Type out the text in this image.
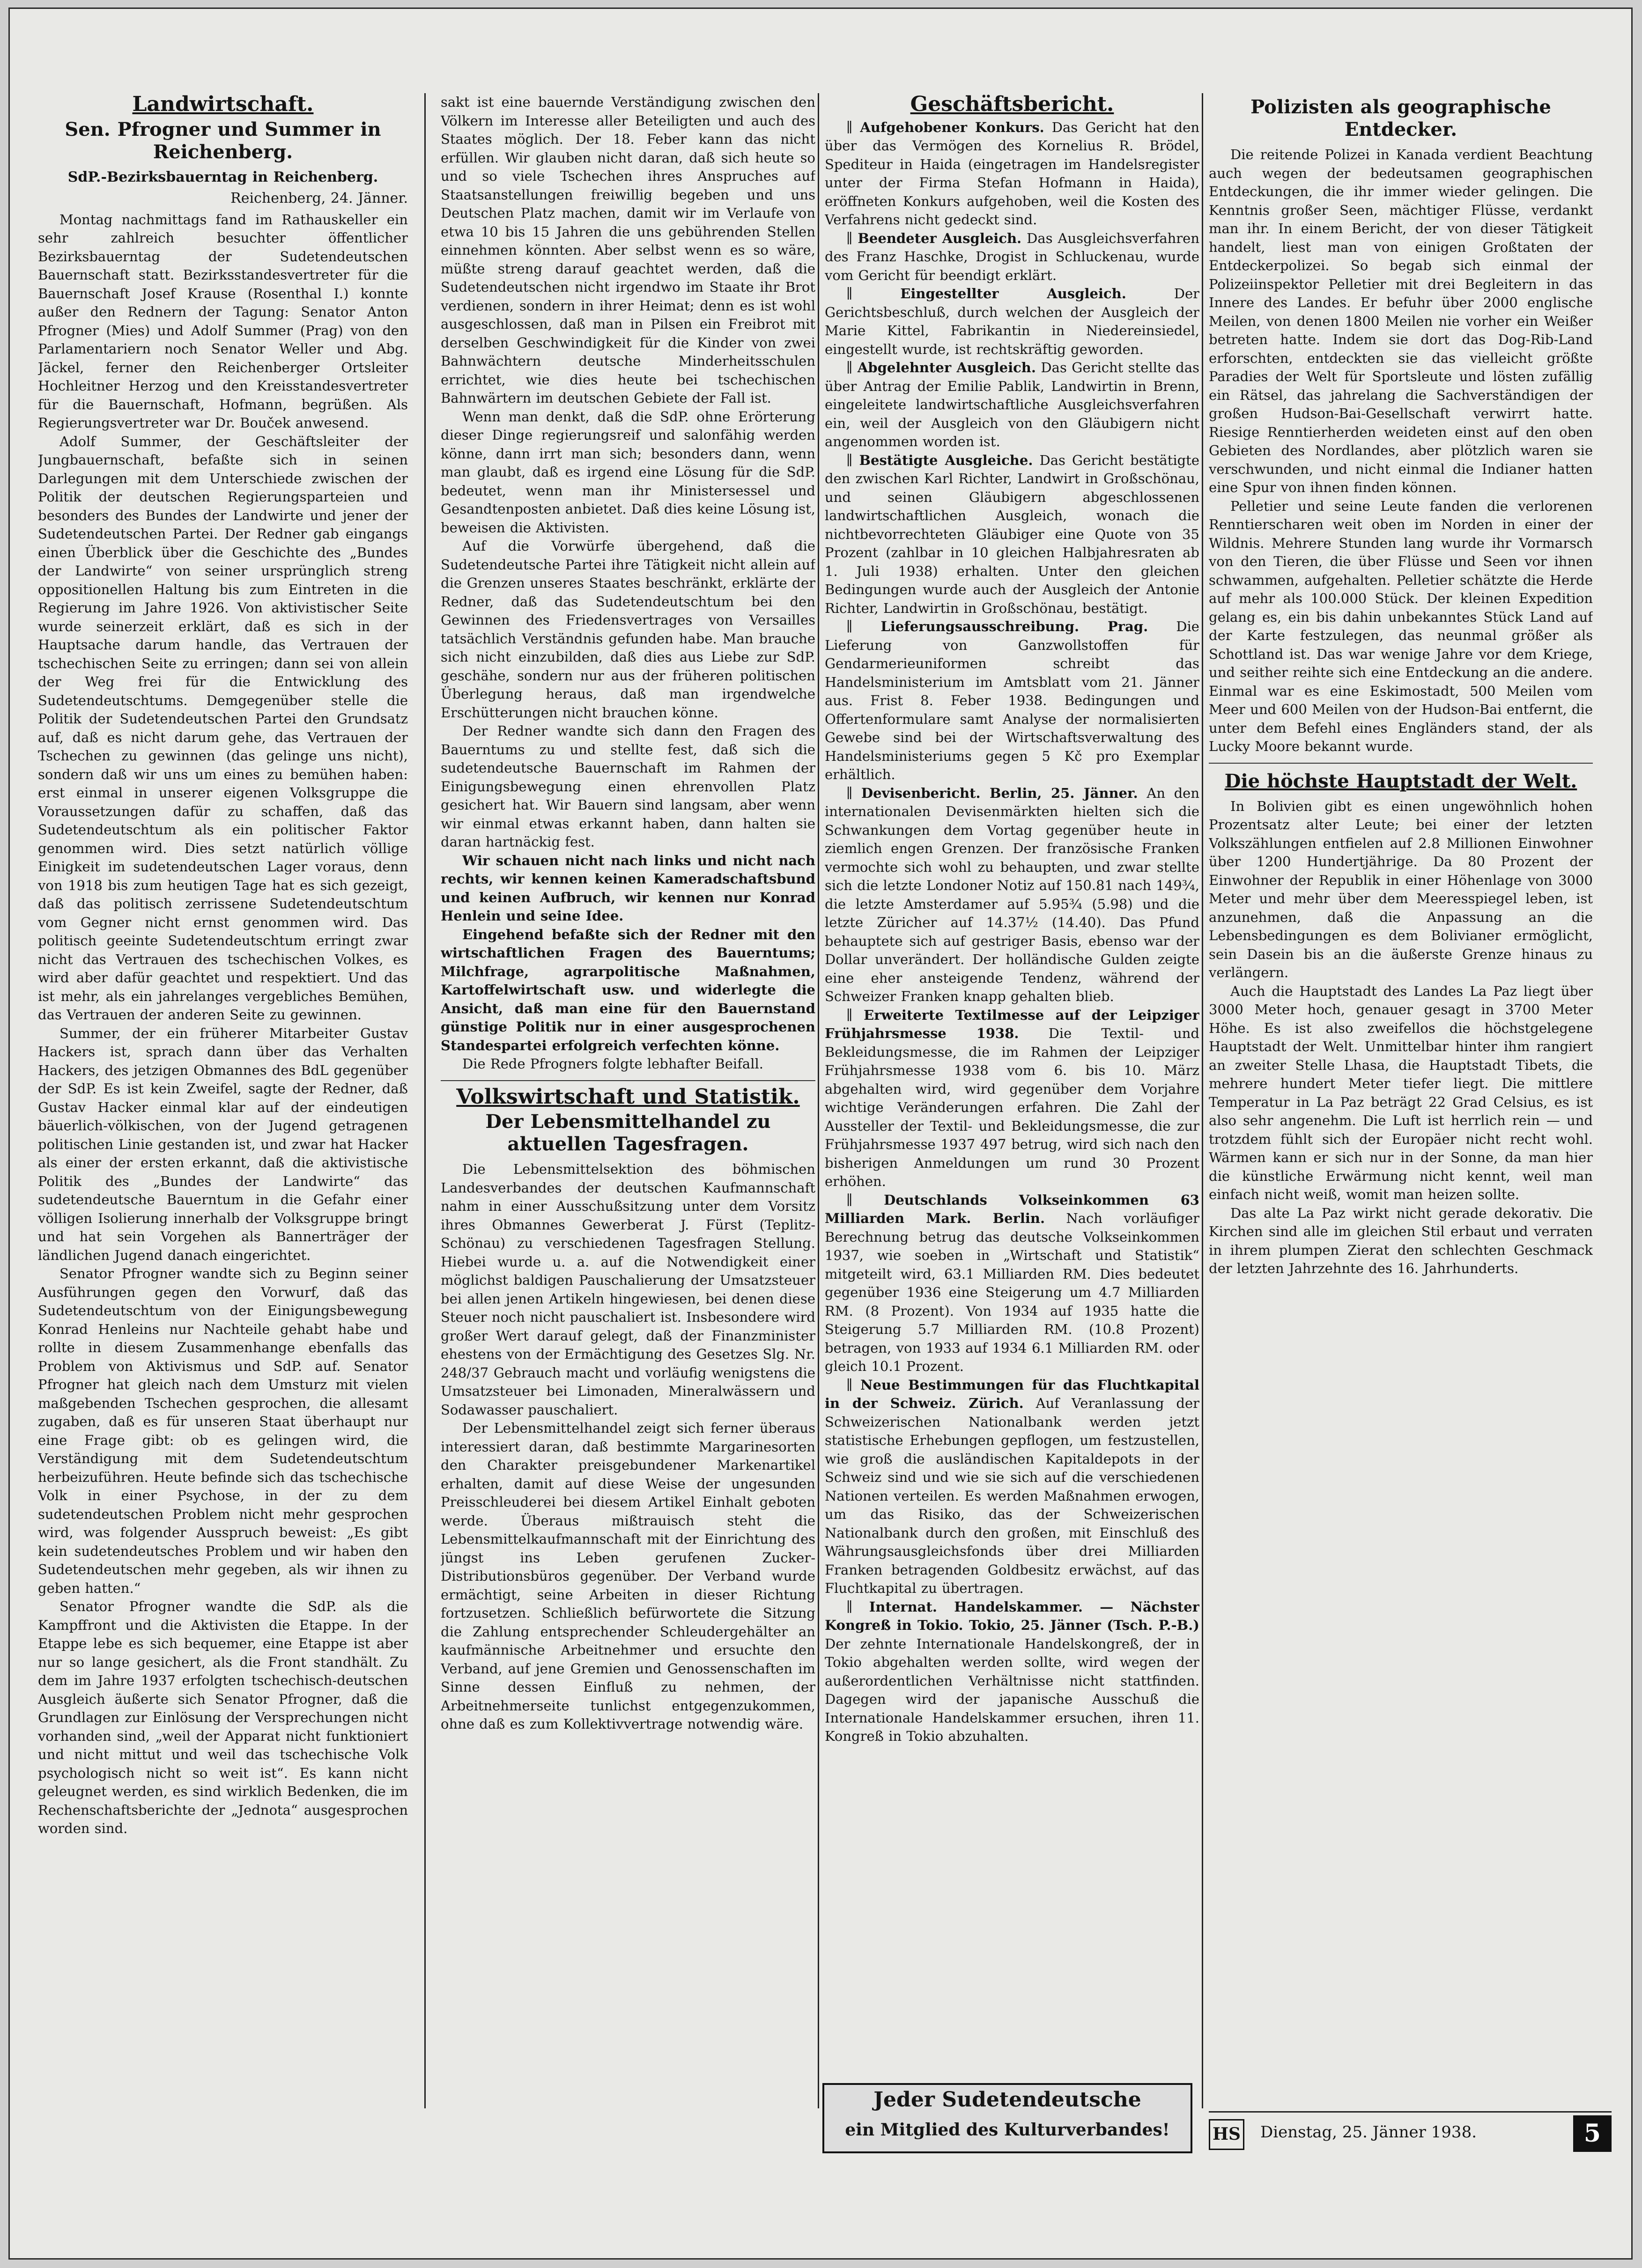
Landwirtschaft.
Sen. Pfrogner und Summer in Reichenberg.
SdP.-Bezirksbauerntag in Reichenberg.
Reichenberg, 24. Jänner.

Montag nachmittags fand im Rathauskeller ein sehr zahlreich besuchter öffentlicher Bezirksbauerntag der Sudetendeutschen Bauernschaft statt. Bezirksstandesvertreter für die Bauernschaft Josef Krause (Rosenthal I.) konnte außer den Rednern der Tagung: Senator Anton Pfrogner (Mies) und Adolf Summer (Prag) von den Parlamentariern noch Senator Weller und Abg. Jäckel, ferner den Reichenberger Ortsleiter Hochleitner Herzog und den Kreisstandesvertreter für die Bauernschaft, Hofmann, begrüßen. Als Regierungsvertreter war Dr. Bouček anwesend.

Adolf Summer, der Geschäftsleiter der Jungbauernschaft, befaßte sich in seinen Darlegungen mit dem Unterschiede zwischen der Politik der deutschen Regierungsparteien und besonders des Bundes der Landwirte und jener der Sudetendeutschen Partei. Der Redner gab eingangs einen Überblick über die Geschichte des „Bundes der Landwirte“ von seiner ursprünglich streng oppositionellen Haltung bis zum Eintreten in die Regierung im Jahre 1926. Von aktivistischer Seite wurde seinerzeit erklärt, daß es sich in der Hauptsache darum handle, das Vertrauen der tschechischen Seite zu erringen; dann sei von allein der Weg frei für die Entwicklung des Sudetendeutschtums. Demgegenüber stelle die Politik der Sudetendeutschen Partei den Grundsatz auf, daß es nicht darum gehe, das Vertrauen der Tschechen zu gewinnen (das gelinge uns nicht), sondern daß wir uns um eines zu bemühen haben: erst einmal in unserer eigenen Volksgruppe die Voraussetzungen dafür zu schaffen, daß das Sudetendeutschtum als ein politischer Faktor genommen wird. Dies setzt natürlich völlige Einigkeit im sudetendeutschen Lager voraus, denn von 1918 bis zum heutigen Tage hat es sich gezeigt, daß das politisch zerrissene Sudetendeutschtum vom Gegner nicht ernst genommen wird. Das politisch geeinte Sudetendeutschtum erringt zwar nicht das Vertrauen des tschechischen Volkes, es wird aber dafür geachtet und respektiert. Und das ist mehr, als ein jahrelanges vergebliches Bemühen, das Vertrauen der anderen Seite zu gewinnen.

Summer, der ein früherer Mitarbeiter Gustav Hackers ist, sprach dann über das Verhalten Hackers, des jetzigen Obmannes des BdL gegenüber der SdP. Es ist kein Zweifel, sagte der Redner, daß Gustav Hacker einmal klar auf der eindeutigen bäuerlich-völkischen, von der Jugend getragenen politischen Linie gestanden ist, und zwar hat Hacker als einer der ersten erkannt, daß die aktivistische Politik des „Bundes der Landwirte“ das sudetendeutsche Bauerntum in die Gefahr einer völligen Isolierung innerhalb der Volksgruppe bringt und hat sein Vorgehen als Bannerträger der ländlichen Jugend danach eingerichtet.

Senator Pfrogner wandte sich zu Beginn seiner Ausführungen gegen den Vorwurf, daß das Sudetendeutschtum von der Einigungsbewegung Konrad Henleins nur Nachteile gehabt habe und rollte in diesem Zusammenhange ebenfalls das Problem von Aktivismus und SdP. auf. Senator Pfrogner hat gleich nach dem Umsturz mit vielen maßgebenden Tschechen gesprochen, die allesamt zugaben, daß es für unseren Staat überhaupt nur eine Frage gibt: ob es gelingen wird, die Verständigung mit dem Sudetendeutschtum herbeizuführen. Heute befinde sich das tschechische Volk in einer Psychose, in der zu dem sudetendeutschen Problem nicht mehr gesprochen wird, was folgender Ausspruch beweist: „Es gibt kein sudetendeutsches Problem und wir haben den Sudetendeutschen mehr gegeben, als wir ihnen zu geben hatten.“

Senator Pfrogner wandte die SdP. als die Kampffront und die Aktivisten die Etappe. In der Etappe lebe es sich bequemer, eine Etappe ist aber nur so lange gesichert, als die Front standhält. Zu dem im Jahre 1937 erfolgten tschechisch-deutschen Ausgleich äußerte sich Senator Pfrogner, daß die Grundlagen zur Einlösung der Versprechungen nicht vorhanden sind, „weil der Apparat nicht funktioniert und nicht mittut und weil das tschechische Volk psychologisch nicht so weit ist“. Es kann nicht geleugnet werden, es sind wirklich Bedenken, die im Rechenschaftsberichte der „Jednota“ ausgesprochen worden sind.

sakt ist eine bauernde Verständigung zwischen den Völkern im Interesse aller Beteiligten und auch des Staates möglich. Der 18. Feber kann das nicht erfüllen. Wir glauben nicht daran, daß sich heute so und so viele Tschechen ihres Anspruches auf Staatsanstellungen freiwillig begeben und uns Deutschen Platz machen, damit wir im Verlaufe von etwa 10 bis 15 Jahren die uns gebührenden Stellen einnehmen könnten. Aber selbst wenn es so wäre, müßte streng darauf geachtet werden, daß die Sudetendeutschen nicht irgendwo im Staate ihr Brot verdienen, sondern in ihrer Heimat; denn es ist wohl ausgeschlossen, daß man in Pilsen ein Freibrot mit derselben Geschwindigkeit für die Kinder von zwei Bahnwächtern deutsche Minderheitsschulen errichtet, wie dies heute bei tschechischen Bahnwärtern im deutschen Gebiete der Fall ist.

Wenn man denkt, daß die SdP. ohne Erörterung dieser Dinge regierungsreif und salonfähig werden könne, dann irrt man sich; besonders dann, wenn man glaubt, daß es irgend eine Lösung für die SdP. bedeutet, wenn man ihr Ministersessel und Gesandtenposten anbietet. Daß dies keine Lösung ist, beweisen die Aktivisten.

Auf die Vorwürfe übergehend, daß die Sudetendeutsche Partei ihre Tätigkeit nicht allein auf die Grenzen unseres Staates beschränkt, erklärte der Redner, daß das Sudetendeutschtum bei den Gewinnen des Friedensvertrages von Versailles tatsächlich Verständnis gefunden habe. Man brauche sich nicht einzubilden, daß dies aus Liebe zur SdP. geschähe, sondern nur aus der früheren politischen Überlegung heraus, daß man irgendwelche Erschütterungen nicht brauchen könne.

Der Redner wandte sich dann den Fragen des Bauerntums zu und stellte fest, daß sich die sudetendeutsche Bauernschaft im Rahmen der Einigungsbewegung einen ehrenvollen Platz gesichert hat. Wir Bauern sind langsam, aber wenn wir einmal etwas erkannt haben, dann halten sie daran hartnäckig fest.

Wir schauen nicht nach links und nicht nach rechts, wir kennen keinen Kameradschaftsbund und keinen Aufbruch, wir kennen nur Konrad Henlein und seine Idee.

Eingehend befaßte sich der Redner mit den wirtschaftlichen Fragen des Bauerntums; Milchfrage, agrarpolitische Maßnahmen, Kartoffelwirtschaft usw. und widerlegte die Ansicht, daß man eine für den Bauernstand günstige Politik nur in einer ausgesprochenen Standespartei erfolgreich verfechten könne.

Die Rede Pfrogners folgte lebhafter Beifall.

Volkswirtschaft und Statistik.
Der Lebensmittelhandel zu aktuellen Tagesfragen.

Die Lebensmittelsektion des böhmischen Landesverbandes der deutschen Kaufmannschaft nahm in einer Ausschußsitzung unter dem Vorsitz ihres Obmannes Gewerberat J. Fürst (Teplitz-Schönau) zu verschiedenen Tagesfragen Stellung. Hiebei wurde u. a. auf die Notwendigkeit einer möglichst baldigen Pauschalierung der Umsatzsteuer bei allen jenen Artikeln hingewiesen, bei denen diese Steuer noch nicht pauschaliert ist. Insbesondere wird großer Wert darauf gelegt, daß der Finanzminister ehestens von der Ermächtigung des Gesetzes Slg. Nr. 248/37 Gebrauch macht und vorläufig wenigstens die Umsatzsteuer bei Limonaden, Mineralwässern und Sodawasser pauschaliert.

Der Lebensmittelhandel zeigt sich ferner überaus interessiert daran, daß bestimmte Margarinesorten den Charakter preisgebundener Markenartikel erhalten, damit auf diese Weise der ungesunden Preisschleuderei bei diesem Artikel Einhalt geboten werde. Überaus mißtrauisch steht die Lebensmittelkaufmannschaft mit der Einrichtung des jüngst ins Leben gerufenen Zucker-Distributionsbüros gegenüber. Der Verband wurde ermächtigt, seine Arbeiten in dieser Richtung fortzusetzen. Schließlich befürwortete die Sitzung die Zahlung entsprechender Schleudergehälter an kaufmännische Arbeitnehmer und ersuchte den Verband, auf jene Gremien und Genossenschaften im Sinne dessen Einfluß zu nehmen, der Arbeitnehmerseite tunlichst entgegenzukommen, ohne daß es zum Kollektivvertrage notwendig wäre.

Geschäftsbericht.

∥ Aufgehobener Konkurs. Das Gericht hat den über das Vermögen des Kornelius R. Brödel, Spediteur in Haida (eingetragen im Handelsregister unter der Firma Stefan Hofmann in Haida), eröffneten Konkurs aufgehoben, weil die Kosten des Verfahrens nicht gedeckt sind.

∥ Beendeter Ausgleich. Das Ausgleichsverfahren des Franz Haschke, Drogist in Schluckenau, wurde vom Gericht für beendigt erklärt.

∥ Eingestellter Ausgleich.	Der Gerichtsbeschluß, durch welchen der Ausgleich der Marie Kittel, Fabrikantin in Niedereinsiedel, eingestellt wurde, ist rechtskräftig geworden.

∥ Abgelehnter Ausgleich. Das Gericht stellte das über Antrag der Emilie Pablik, Landwirtin in Brenn, eingeleitete landwirtschaftliche Ausgleichsverfahren ein, weil der Ausgleich von den Gläubigern nicht angenommen worden ist.

∥ Bestätigte Ausgleiche. Das Gericht bestätigte den zwischen Karl Richter, Landwirt in Großschönau, und seinen Gläubigern abgeschlossenen landwirtschaftlichen Ausgleich, wonach die nichtbevorrechteten Gläubiger eine Quote von 35 Prozent (zahlbar in 10 gleichen Halbjahresraten ab 1. Juli 1938) erhalten. Unter den gleichen Bedingungen wurde auch der Ausgleich der Antonie Richter, Landwirtin in Großschönau, bestätigt.

∥ Lieferungsausschreibung. Prag. Die Lieferung von Ganzwollstoffen für Gendarmerieuniformen schreibt das Handelsministerium im Amtsblatt vom 21. Jänner aus. Frist 8. Feber 1938. Bedingungen und Offertenformulare samt Analyse der normalisierten Gewebe sind bei der Wirtschaftsverwaltung des Handelsministeriums gegen 5 Kč pro Exemplar erhältlich.

∥ Devisenbericht. Berlin, 25. Jänner. An den internationalen Devisenmärkten hielten sich die Schwankungen dem Vortag gegenüber heute in ziemlich engen Grenzen. Der französische Franken vermochte sich wohl zu behaupten, und zwar stellte sich die letzte Londoner Notiz auf 150.81 nach 149¾, die letzte Amsterdamer auf 5.95¾ (5.98) und die letzte Züricher auf 14.37½ (14.40). Das Pfund behauptete sich auf gestriger Basis, ebenso war der Dollar unverändert. Der holländische Gulden zeigte eine eher ansteigende Tendenz, während der Schweizer Franken knapp gehalten blieb.

∥ Erweiterte Textilmesse auf der Leipziger Frühjahrsmesse 1938. Die Textil- und Bekleidungsmesse, die im Rahmen der Leipziger Frühjahrsmesse 1938 vom 6. bis 10. März abgehalten wird, wird gegenüber dem Vorjahre wichtige Veränderungen erfahren. Die Zahl der Aussteller der Textil- und Bekleidungsmesse, die zur Frühjahrsmesse 1937 497 betrug, wird sich nach den bisherigen Anmeldungen um rund 30 Prozent erhöhen.

∥ Deutschlands Volkseinkommen 63 Milliarden Mark. Berlin. Nach vorläufiger Berechnung betrug das deutsche Volkseinkommen 1937, wie soeben in „Wirtschaft und Statistik“ mitgeteilt wird, 63.1 Milliarden RM. Dies bedeutet gegenüber 1936 eine Steigerung um 4.7 Milliarden RM. (8 Prozent). Von 1934 auf 1935 hatte die Steigerung 5.7 Milliarden RM. (10.8 Prozent) betragen, von 1933 auf 1934 6.1 Milliarden RM. oder gleich 10.1 Prozent.

∥ Neue Bestimmungen für das Fluchtkapital in der Schweiz. Zürich. Auf Veranlassung der Schweizerischen Nationalbank werden jetzt statistische Erhebungen gepflogen, um festzustellen, wie groß die ausländischen Kapitaldepots in der Schweiz sind und wie sie sich auf die verschiedenen Nationen verteilen. Es werden Maßnahmen erwogen, um das Risiko, das der Schweizerischen Nationalbank durch den großen, mit Einschluß des Währungsausgleichsfonds über drei Milliarden Franken betragenden Goldbesitz erwächst, auf das Fluchtkapital zu übertragen.

∥ Internat. Handelskammer. — Nächster Kongreß in Tokio. Tokio, 25. Jänner (Tsch. P.-B.) Der zehnte Internationale Handelskongreß, der in Tokio abgehalten werden sollte, wird wegen der außerordentlichen Verhältnisse nicht stattfinden. Dagegen wird der japanische Ausschuß die Internationale Handelskammer ersuchen, ihren 11. Kongreß in Tokio abzuhalten.

Polizisten als geographische Entdecker.

Die reitende Polizei in Kanada verdient Beachtung auch wegen der bedeutsamen geographischen Entdeckungen, die ihr immer wieder gelingen. Die Kenntnis großer Seen, mächtiger Flüsse, verdankt man ihr. In einem Bericht, der von dieser Tätigkeit handelt, liest man von einigen Großtaten der Entdeckerpolizei. So begab sich einmal der Polizeiinspektor Pelletier mit drei Begleitern in das Innere des Landes. Er befuhr über 2000 englische Meilen, von denen 1800 Meilen nie vorher ein Weißer betreten hatte. Indem sie dort das Dog-Rib-Land erforschten, entdeckten sie das vielleicht größte Paradies der Welt für Sportsleute und lösten zufällig ein Rätsel, das jahrelang die Sachverständigen der großen Hudson-Bai-Gesellschaft verwirrt hatte. Riesige Renntierherden weideten einst auf den oben Gebieten des Nordlandes, aber plötzlich waren sie verschwunden, und nicht einmal die Indianer hatten eine Spur von ihnen finden können.

Pelletier und seine Leute fanden die verlorenen Renntierscharen weit oben im Norden in einer der Wildnis. Mehrere Stunden lang wurde ihr Vormarsch von den Tieren, die über Flüsse und Seen vor ihnen schwammen, aufgehalten. Pelletier schätzte die Herde auf mehr als 100.000 Stück. Der kleinen Expedition gelang es, ein bis dahin unbekanntes Stück Land auf der Karte festzulegen, das neunmal größer als Schottland ist. Das war wenige Jahre vor dem Kriege, und seither reihte sich eine Entdeckung an die andere. Einmal war es eine Eskimostadt, 500 Meilen vom Meer und 600 Meilen von der Hudson-Bai entfernt, die unter dem Befehl eines Engländers stand, der als Lucky Moore bekannt wurde.

Die höchste Hauptstadt der Welt.

In Bolivien gibt es einen ungewöhnlich hohen Prozentsatz alter Leute; bei einer der letzten Volkszählungen entfielen auf 2.8 Millionen Einwohner über 1200 Hundertjährige. Da 80 Prozent der Einwohner der Republik in einer Höhenlage von 3000 Meter und mehr über dem Meeresspiegel leben, ist anzunehmen, daß die Anpassung an die Lebensbedingungen es dem Bolivianer ermöglicht, sein Dasein bis an die äußerste Grenze hinaus zu verlängern.

Auch die Hauptstadt des Landes La Paz liegt über 3000 Meter hoch, genauer gesagt in 3700 Meter Höhe. Es ist also zweifellos die höchstgelegene Hauptstadt der Welt. Unmittelbar hinter ihm rangiert an zweiter Stelle Lhasa, die Hauptstadt Tibets, die mehrere hundert Meter tiefer liegt. Die mittlere Temperatur in La Paz beträgt 22 Grad Celsius, es ist also sehr angenehm. Die Luft ist herrlich rein — und trotzdem fühlt sich der Europäer nicht recht wohl. Wärmen kann er sich nur in der Sonne, da man hier die künstliche Erwärmung nicht kennt, weil man einfach nicht weiß, womit man heizen sollte.

Das alte La Paz wirkt nicht gerade dekorativ. Die Kirchen sind alle im gleichen Stil erbaut und verraten in ihrem plumpen Zierat den schlechten Geschmack der letzten Jahrzehnte des 16. Jahrhunderts.

Jeder Sudetendeutsche
ein Mitglied des Kulturverbandes!	HS Dienstag, 25. Jänner 1938.	5
